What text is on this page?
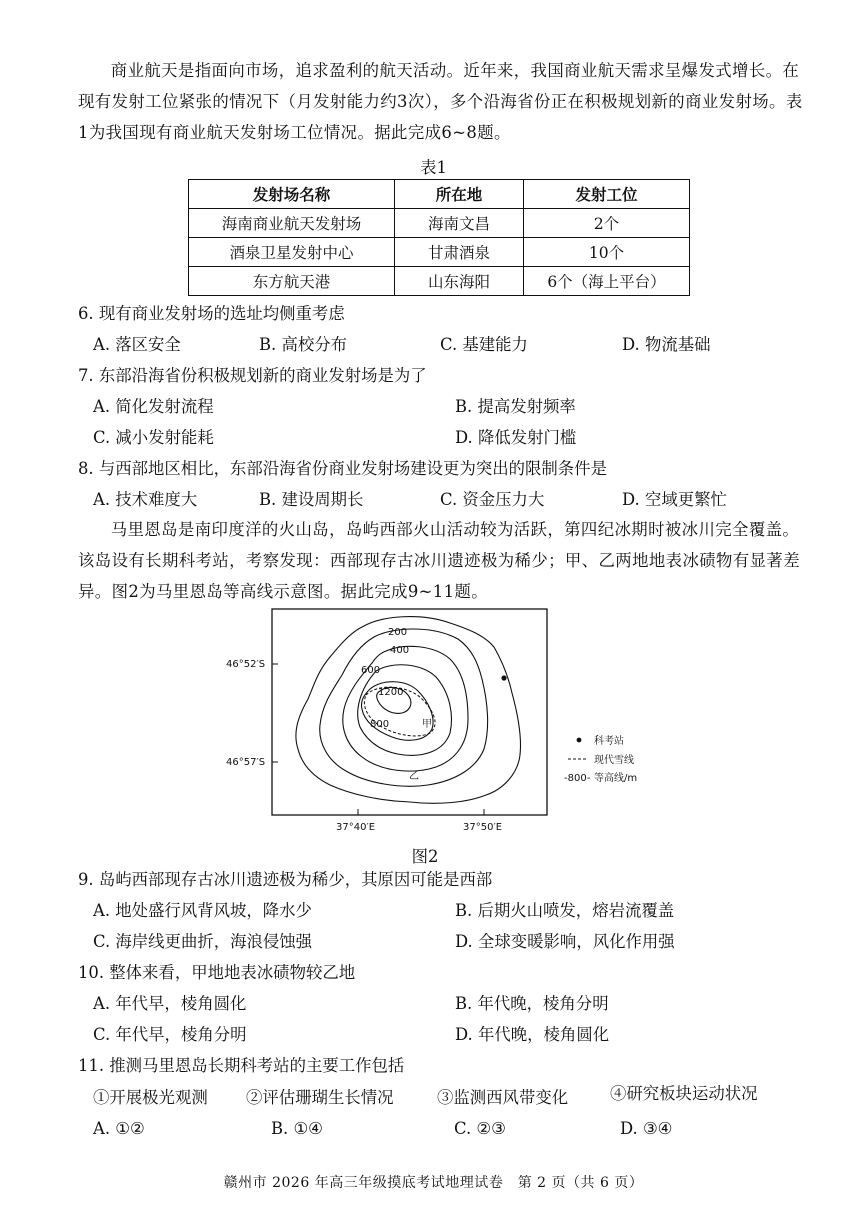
商业航天是指面向市场，追求盈利的航天活动。近年来，我国商业航天需求呈爆发式增长。在现有发射工位紧张的情况下（月发射能力约3次），多个沿海省份正在积极规划新的商业发射场。表1为我国现有商业航天发射场工位情况。据此完成6~8题。

表1
发射场名称	所在地	发射工位
海南商业航天发射场	海南文昌	2个
酒泉卫星发射中心	甘肃酒泉	10个
东方航天港	山东海阳	6个（海上平台）
6. 现有商业发射场的选址均侧重考虑
A. 落区安全	B. 高校分布	C. 基建能力	D. 物流基础
7. 东部沿海省份积极规划新的商业发射场是为了
A. 简化发射流程	B. 提高发射频率
C. 减小发射能耗	D. 降低发射门槛
8. 与西部地区相比，东部沿海省份商业发射场建设更为突出的限制条件是
A. 技术难度大	B. 建设周期长	C. 资金压力大	D. 空域更繁忙

马里恩岛是南印度洋的火山岛，岛屿西部火山活动较为活跃，第四纪冰期时被冰川完全覆盖。该岛设有长期科考站，考察发现：西部现存古冰川遗迹极为稀少；甲、乙两地地表冰碛物有显著差异。图2为马里恩岛等高线示意图。据此完成9~11题。

46°52′S
46°57′S
37°40′E	37°50′E
200
400
600
1200
800	甲
乙
科考站
现代雪线
-800- 等高线/m
图2
9. 岛屿西部现存古冰川遗迹极为稀少，其原因可能是西部
A. 地处盛行风背风坡，降水少	B. 后期火山喷发，熔岩流覆盖
C. 海岸线更曲折，海浪侵蚀强	D. 全球变暖影响，风化作用强
10. 整体来看，甲地地表冰碛物较乙地
A. 年代早，棱角圆化	B. 年代晚，棱角分明
C. 年代早，棱角分明	D. 年代晚，棱角圆化
11. 推测马里恩岛长期科考站的主要工作包括
①开展极光观测 ②评估珊瑚生长情况	③监测西风带变化	④研究板块运动状况
A. ①②	B. ①④	C. ②③	D. ③④
赣州市 2026 年高三年级摸底考试地理试卷　第 2 页（共 6 页）
